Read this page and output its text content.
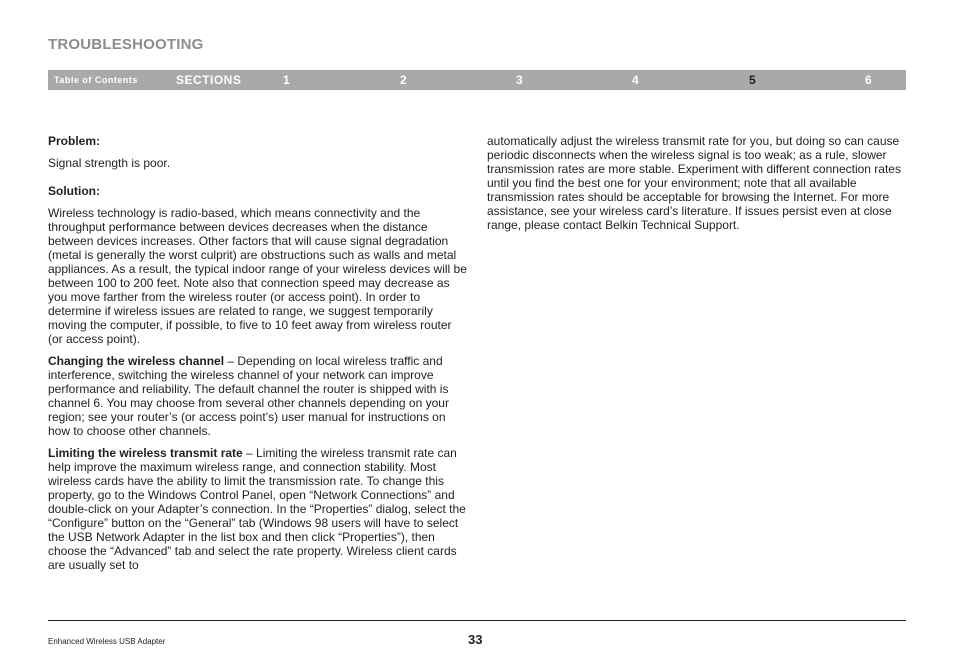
TROUBLESHOOTING
Table of Contents	SECTIONS	1	2	3	4	5	6

Problem:

Signal strength is poor.

Solution:

Wireless technology is radio-based, which means connectivity and the throughput performance between devices decreases when the distance between devices increases. Other factors that will cause signal degradation (metal is generally the worst culprit) are obstructions such as walls and metal appliances. As a result, the typical indoor range of your wireless devices will be between 100 to 200 feet. Note also that connection speed may decrease as you move farther from the wireless router (or access point). In order to determine if wireless issues are related to range, we suggest temporarily moving the computer, if possible, to five to 10 feet away from wireless router (or access point).

Changing the wireless channel – Depending on local wireless traffic and interference, switching the wireless channel of your network can improve performance and reliability. The default channel the router is shipped with is channel 6. You may choose from several other channels depending on your region; see your router’s (or access point’s) user manual for instructions on how to choose other channels.

Limiting the wireless transmit rate – Limiting the wireless transmit rate can help improve the maximum wireless range, and connection stability. Most wireless cards have the ability to limit the transmission rate. To change this property, go to the Windows Control Panel, open “Network Connections” and double-click on your Adapter’s connection. In the “Properties” dialog, select the “Configure” button on the “General” tab (Windows 98 users will have to select the USB Network Adapter in the list box and then click “Properties”), then choose the “Advanced” tab and select the rate property. Wireless client cards are usually set to

automatically adjust the wireless transmit rate for you, but doing so can cause periodic disconnects when the wireless signal is too weak; as a rule, slower transmission rates are more stable. Experiment with different connection rates until you find the best one for your environment; note that all available transmission rates should be acceptable for browsing the Internet. For more assistance, see your wireless card’s literature. If issues persist even at close range, please contact Belkin Technical Support.

Enhanced Wireless USB Adapter	33
